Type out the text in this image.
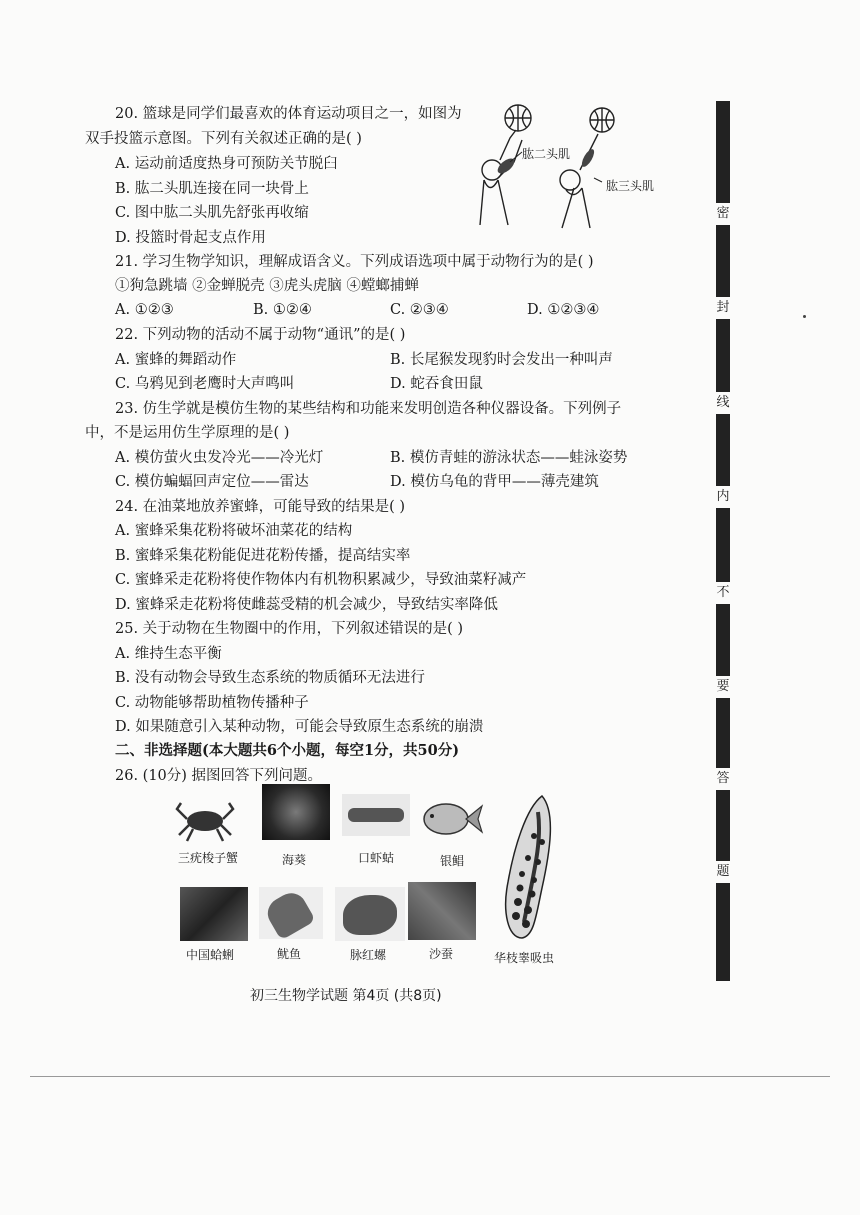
20. 篮球是同学们最喜欢的体育运动项目之一，如图为
双手投篮示意图。下列有关叙述正确的是( )
A. 运动前适度热身可预防关节脱臼
B. 肱二头肌连接在同一块骨上
C. 图中肱二头肌先舒张再收缩
D. 投篮时骨起支点作用
肱二头肌
肱三头肌
21. 学习生物学知识，理解成语含义。下列成语选项中属于动物行为的是( )
①狗急跳墙 ②金蝉脱壳 ③虎头虎脑 ④螳螂捕蝉
A. ①②③	B. ①②④	C. ②③④	D. ①②③④
22. 下列动物的活动不属于动物“通讯”的是( )
A. 蜜蜂的舞蹈动作	B. 长尾猴发现豹时会发出一种叫声
C. 乌鸦见到老鹰时大声鸣叫	D. 蛇吞食田鼠
23. 仿生学就是模仿生物的某些结构和功能来发明创造各种仪器设备。下列例子
中，不是运用仿生学原理的是( )
A. 模仿萤火虫发冷光——冷光灯	B. 模仿青蛙的游泳状态——蛙泳姿势
C. 模仿蝙蝠回声定位——雷达	D. 模仿乌龟的背甲——薄壳建筑
24. 在油菜地放养蜜蜂，可能导致的结果是( )
A. 蜜蜂采集花粉将破坏油菜花的结构
B. 蜜蜂采集花粉能促进花粉传播，提高结实率
C. 蜜蜂采走花粉将使作物体内有机物积累减少，导致油菜籽减产
D. 蜜蜂采走花粉将使雌蕊受精的机会减少，导致结实率降低
25. 关于动物在生物圈中的作用，下列叙述错误的是( )
A. 维持生态平衡
B. 没有动物会导致生态系统的物质循环无法进行
C. 动物能够帮助植物传播种子
D. 如果随意引入某种动物，可能会导致原生态系统的崩溃
二、非选择题(本大题共6个小题，每空1分，共50分)
26. (10分) 据图回答下列问题。
三疣梭子蟹	海葵	口虾蛄	银鲳
中国蛤蜊	鱿鱼	脉红螺	沙蚕	华枝睾吸虫
初三生物学试题 第4页 (共8页)
密
封
线
内
不
要
答
题
